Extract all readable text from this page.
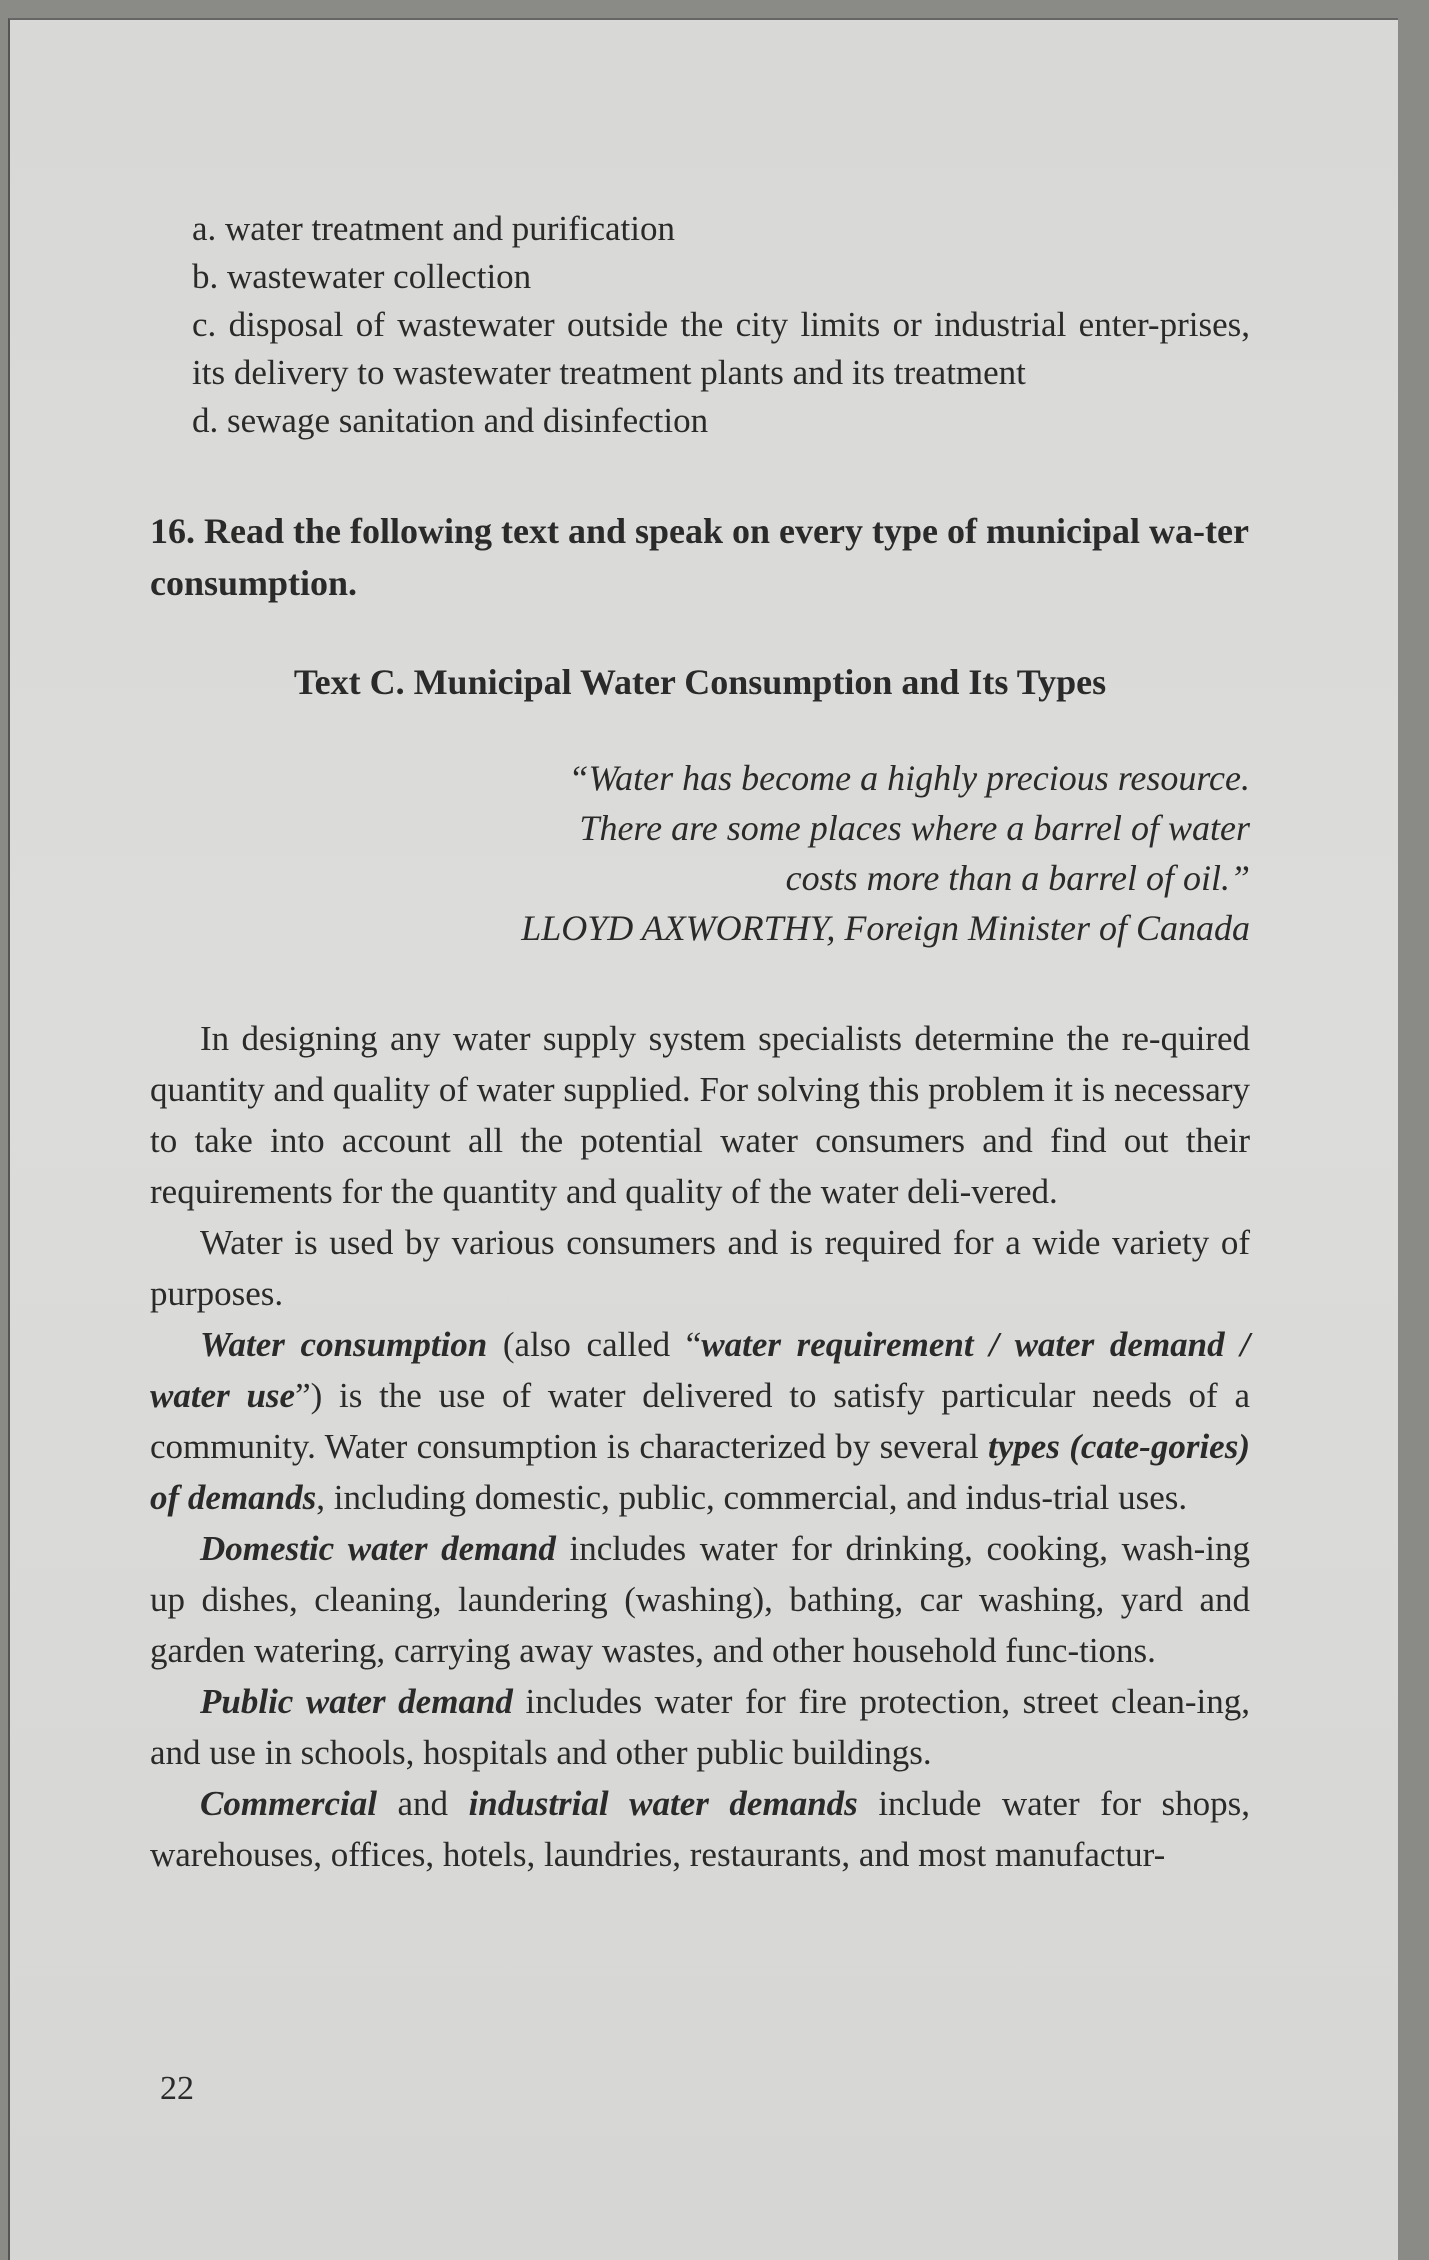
a. water treatment and purification

b. wastewater collection

c. disposal of wastewater outside the city limits or industrial enter-prises, its delivery to wastewater treatment plants and its treatment

d. sewage sanitation and disinfection

16. Read the following text and speak on every type of municipal wa-ter consumption.

Text C. Municipal Water Consumption and Its Types

“Water has become a highly precious resource.
There are some places where a barrel of water
costs more than a barrel of oil.”
LLOYD AXWORTHY, Foreign Minister of Canada

In designing any water supply system specialists determine the re-quired quantity and quality of water supplied. For solving this problem it is necessary to take into account all the potential water consumers and find out their requirements for the quantity and quality of the water deli-vered.

Water is used by various consumers and is required for a wide variety of purposes.

Water consumption (also called “water requirement / water demand / water use”) is the use of water delivered to satisfy particular needs of a community. Water consumption is characterized by several types (cate-gories) of demands, including domestic, public, commercial, and indus-trial uses.

Domestic water demand includes water for drinking, cooking, wash-ing up dishes, cleaning, laundering (washing), bathing, car washing, yard and garden watering, carrying away wastes, and other household func-tions.

Public water demand includes water for fire protection, street clean-ing, and use in schools, hospitals and other public buildings.

Commercial and industrial water demands include water for shops, warehouses, offices, hotels, laundries, restaurants, and most manufactur-

22
